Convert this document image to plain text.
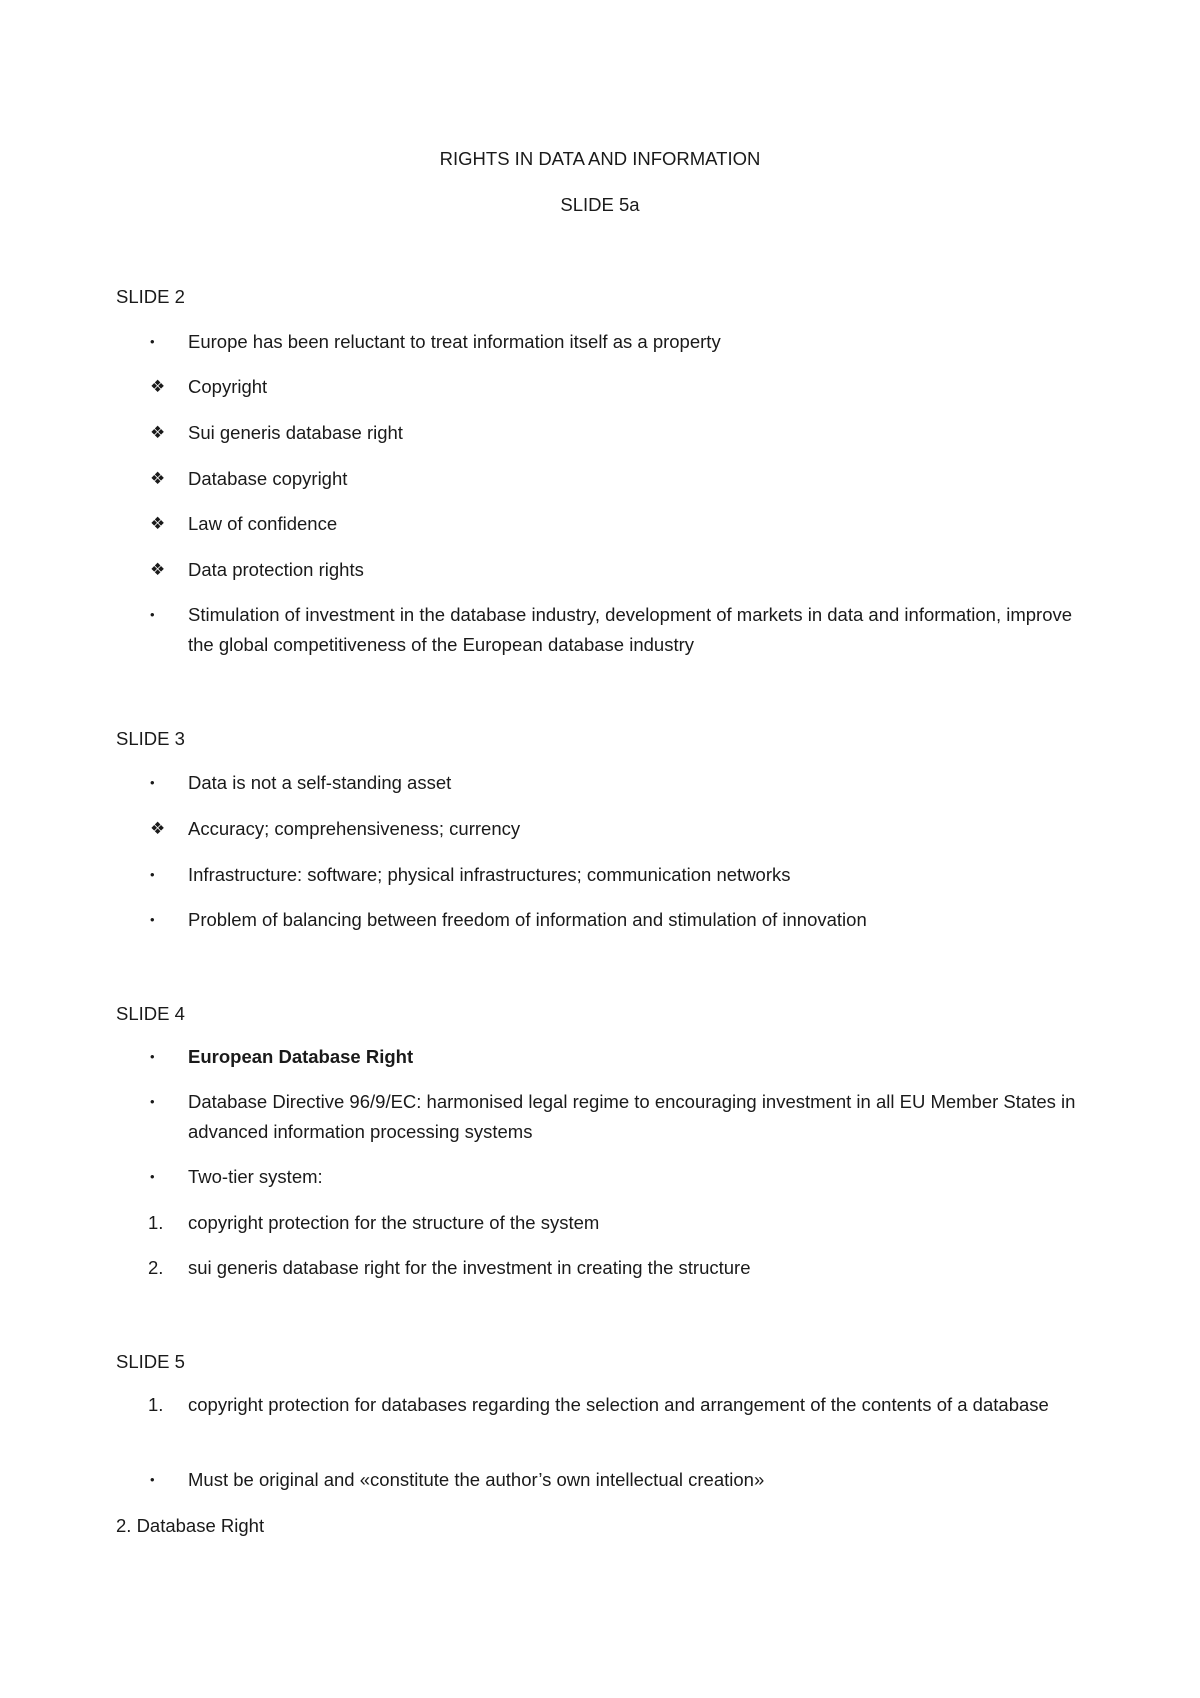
RIGHTS IN DATA AND INFORMATION
SLIDE 5a
SLIDE 2
•	Europe has been reluctant to treat information itself as a property
❖	Copyright
❖	Sui generis database right
❖	Database copyright
❖	Law of confidence
❖	Data protection rights
•	Stimulation of investment in the database industry, development of markets in data and information, improve the global competitiveness of the European database industry
SLIDE 3
•	Data is not a self-standing asset
❖	Accuracy; comprehensiveness; currency
•	Infrastructure: software; physical infrastructures; communication networks
•	Problem of balancing between freedom of information and stimulation of innovation
SLIDE 4
•	European Database Right
•	Database Directive 96/9/EC: harmonised legal regime to encouraging investment in all EU Member States in advanced information processing systems
•	Two-tier system:
1.	copyright protection for the structure of the system
2.	sui generis database right for the investment in creating the structure
SLIDE 5
1.	copyright protection for databases regarding the selection and arrangement of the contents of a database
•	Must be original and «constitute the author’s own intellectual creation»
2. Database Right
